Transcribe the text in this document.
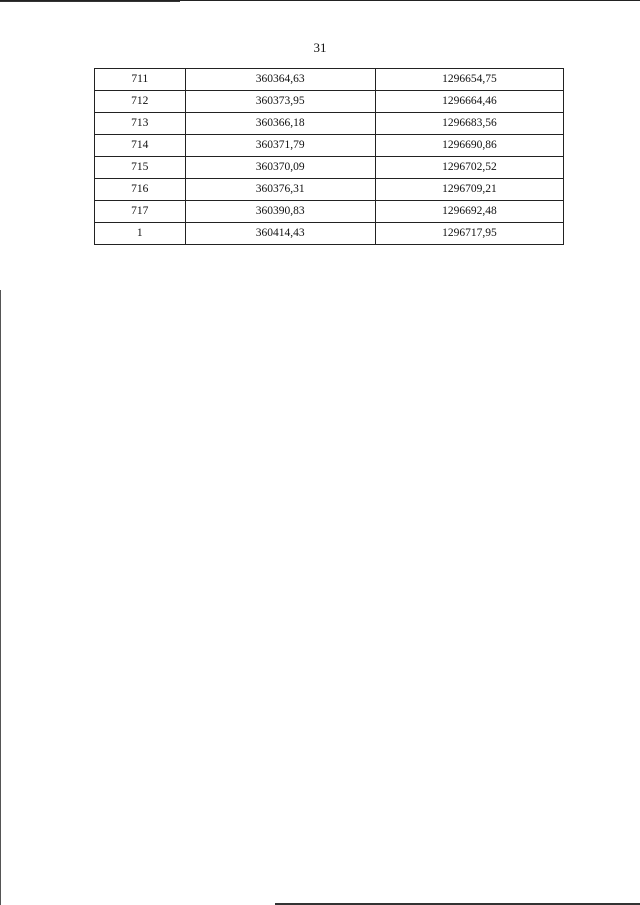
31
711	360364,63	1296654,75
712	360373,95	1296664,46
713	360366,18	1296683,56
714	360371,79	1296690,86
715	360370,09	1296702,52
716	360376,31	1296709,21
717	360390,83	1296692,48
1	360414,43	1296717,95
